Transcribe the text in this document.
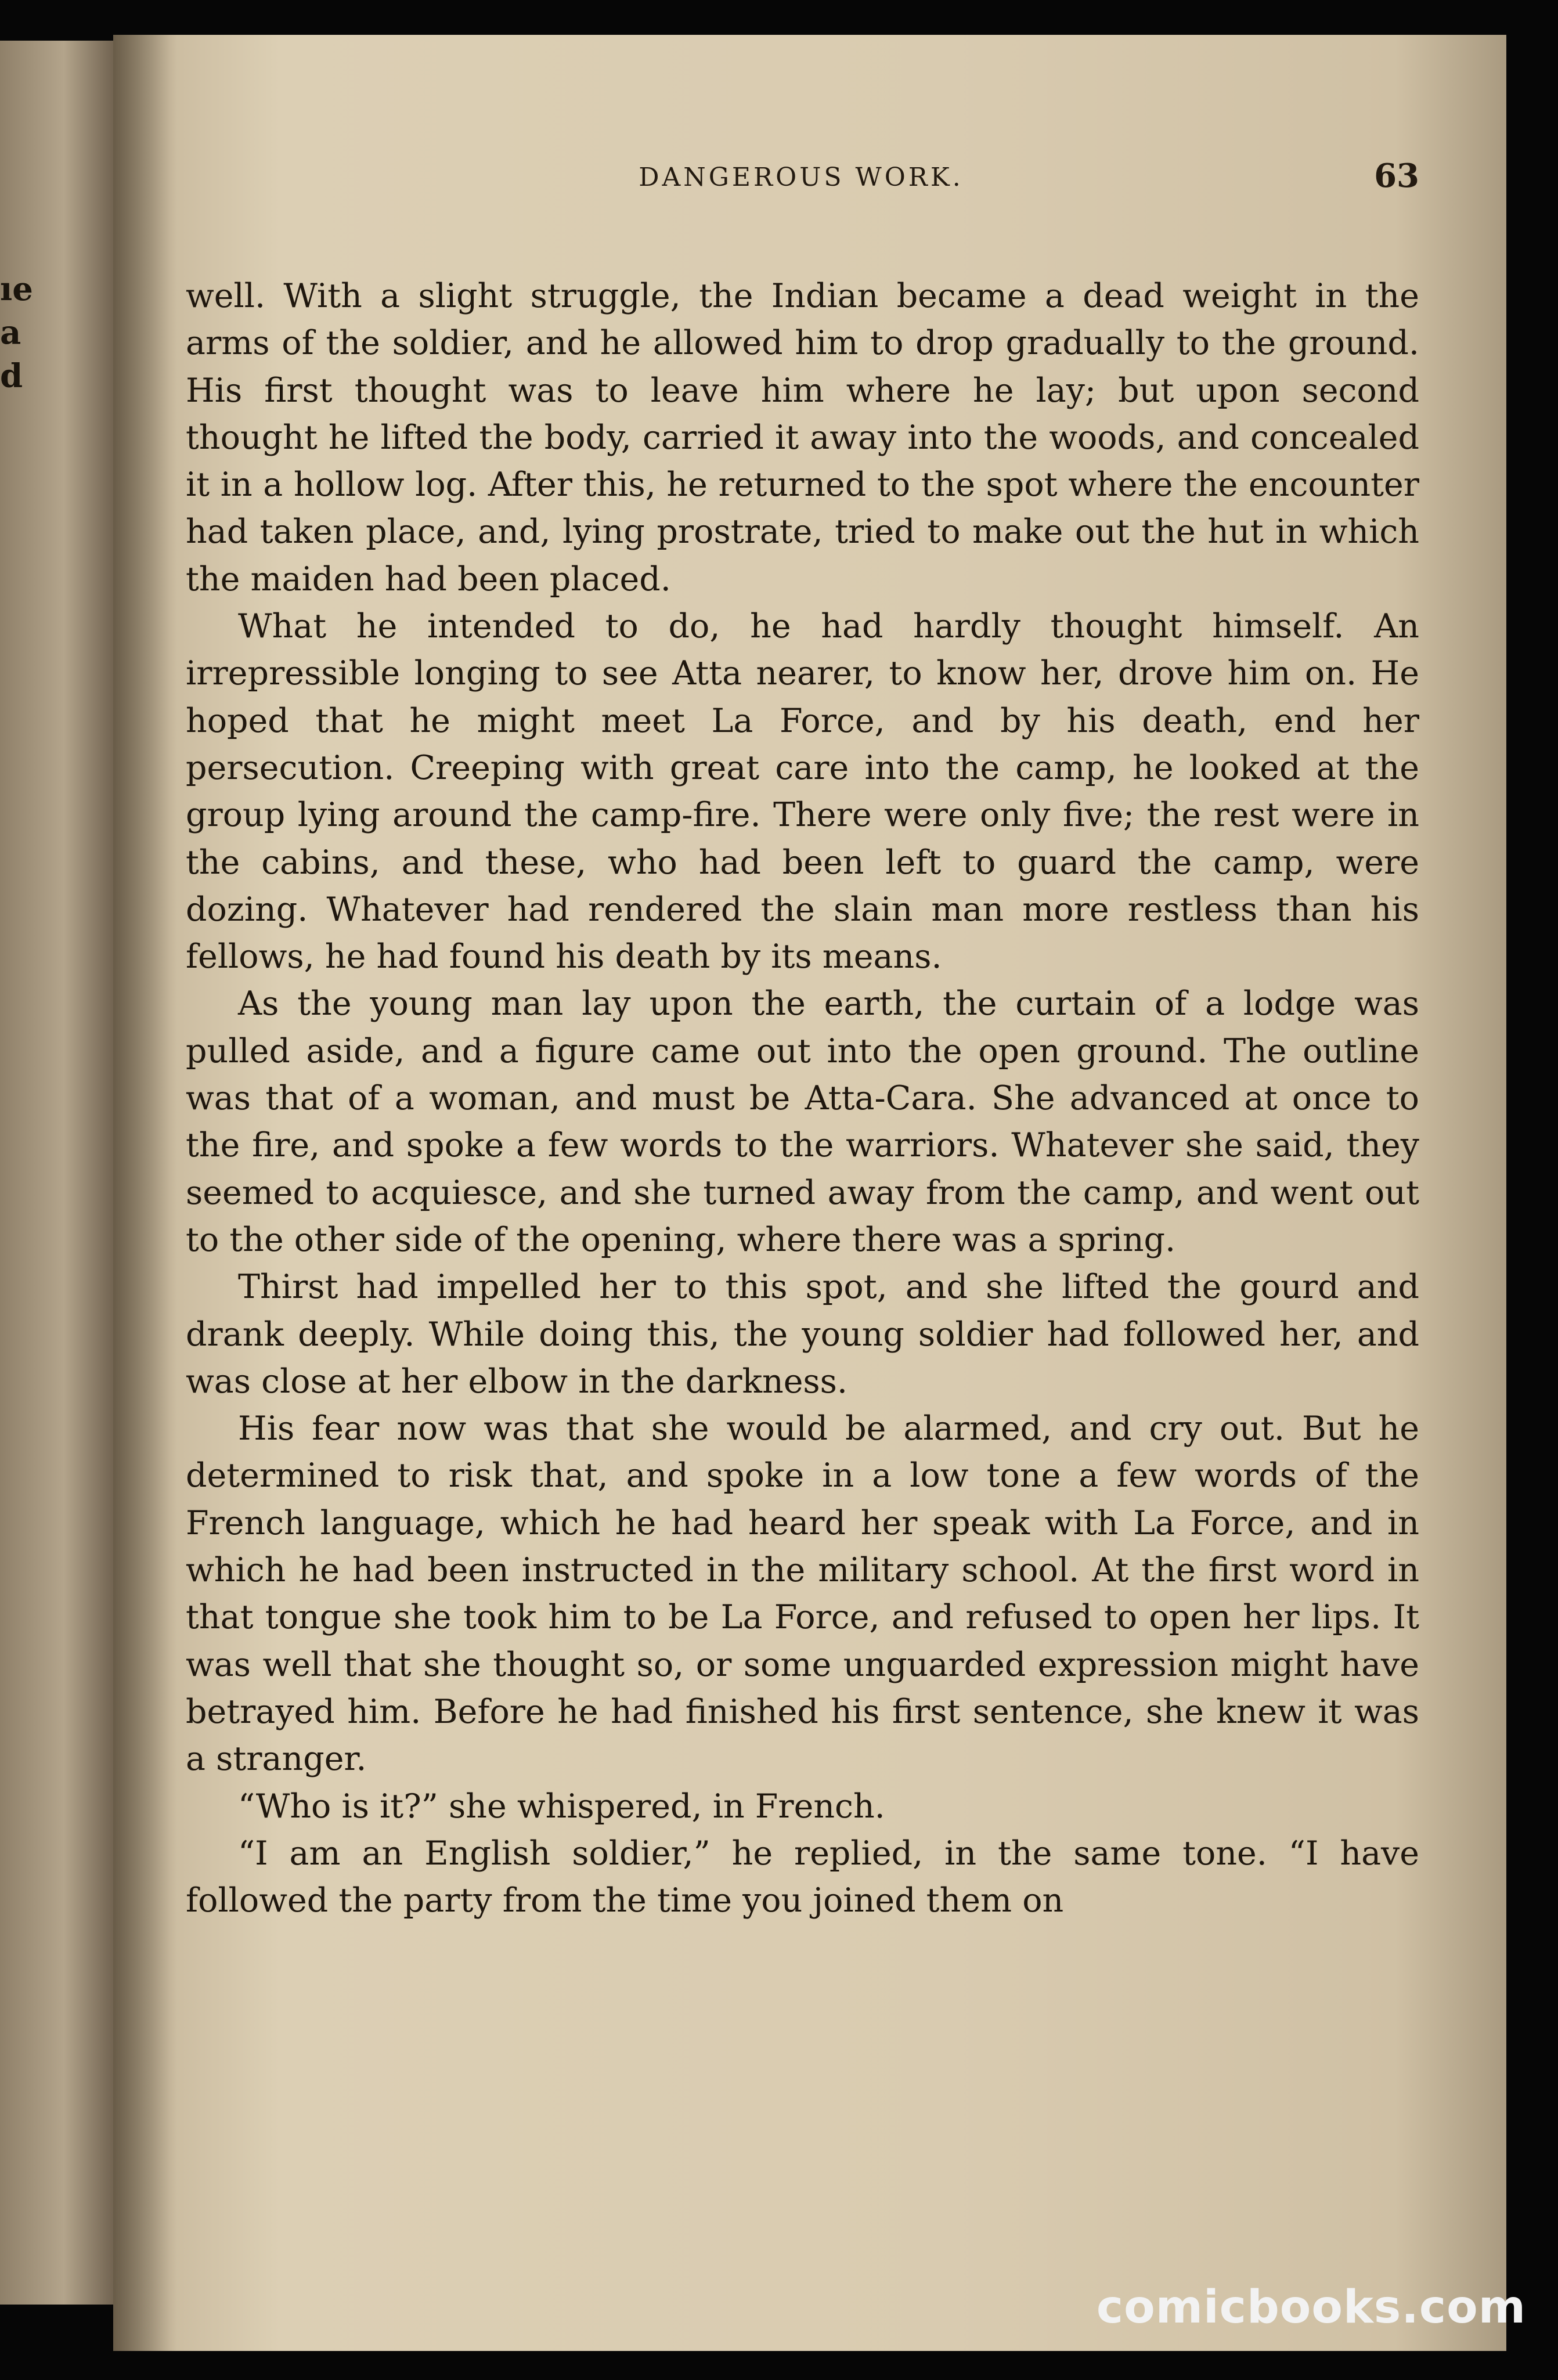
ıe
a
d
DANGEROUS WORK.	63

well. With a slight struggle, the Indian became a dead weight in the arms of the soldier, and he allowed him to drop gradually to the ground. His first thought was to leave him where he lay; but upon second thought he lifted the body, carried it away into the woods, and concealed it in a hollow log. After this, he returned to the spot where the encounter had taken place, and, lying prostrate, tried to make out the hut in which the maiden had been placed.

What he intended to do, he had hardly thought himself. An irrepressible longing to see Atta nearer, to know her, drove him on. He hoped that he might meet La Force, and by his death, end her persecution. Creeping with great care into the camp, he looked at the group lying around the camp-fire. There were only five; the rest were in the cabins, and these, who had been left to guard the camp, were dozing. Whatever had rendered the slain man more restless than his fellows, he had found his death by its means.

As the young man lay upon the earth, the curtain of a lodge was pulled aside, and a figure came out into the open ground. The outline was that of a woman, and must be Atta-Cara. She advanced at once to the fire, and spoke a few words to the warriors. Whatever she said, they seemed to acquiesce, and she turned away from the camp, and went out to the other side of the opening, where there was a spring.

Thirst had impelled her to this spot, and she lifted the gourd and drank deeply. While doing this, the young soldier had followed her, and was close at her elbow in the darkness.

His fear now was that she would be alarmed, and cry out. But he determined to risk that, and spoke in a low tone a few words of the French language, which he had heard her speak with La Force, and in which he had been instructed in the military school. At the first word in that tongue she took him to be La Force, and refused to open her lips. It was well that she thought so, or some unguarded expression might have betrayed him. Before he had finished his first sentence, she knew it was a stranger.

“Who is it?” she whispered, in French.

“I am an English soldier,” he replied, in the same tone. “I have followed the party from the time you joined them on

comicbooks.com
